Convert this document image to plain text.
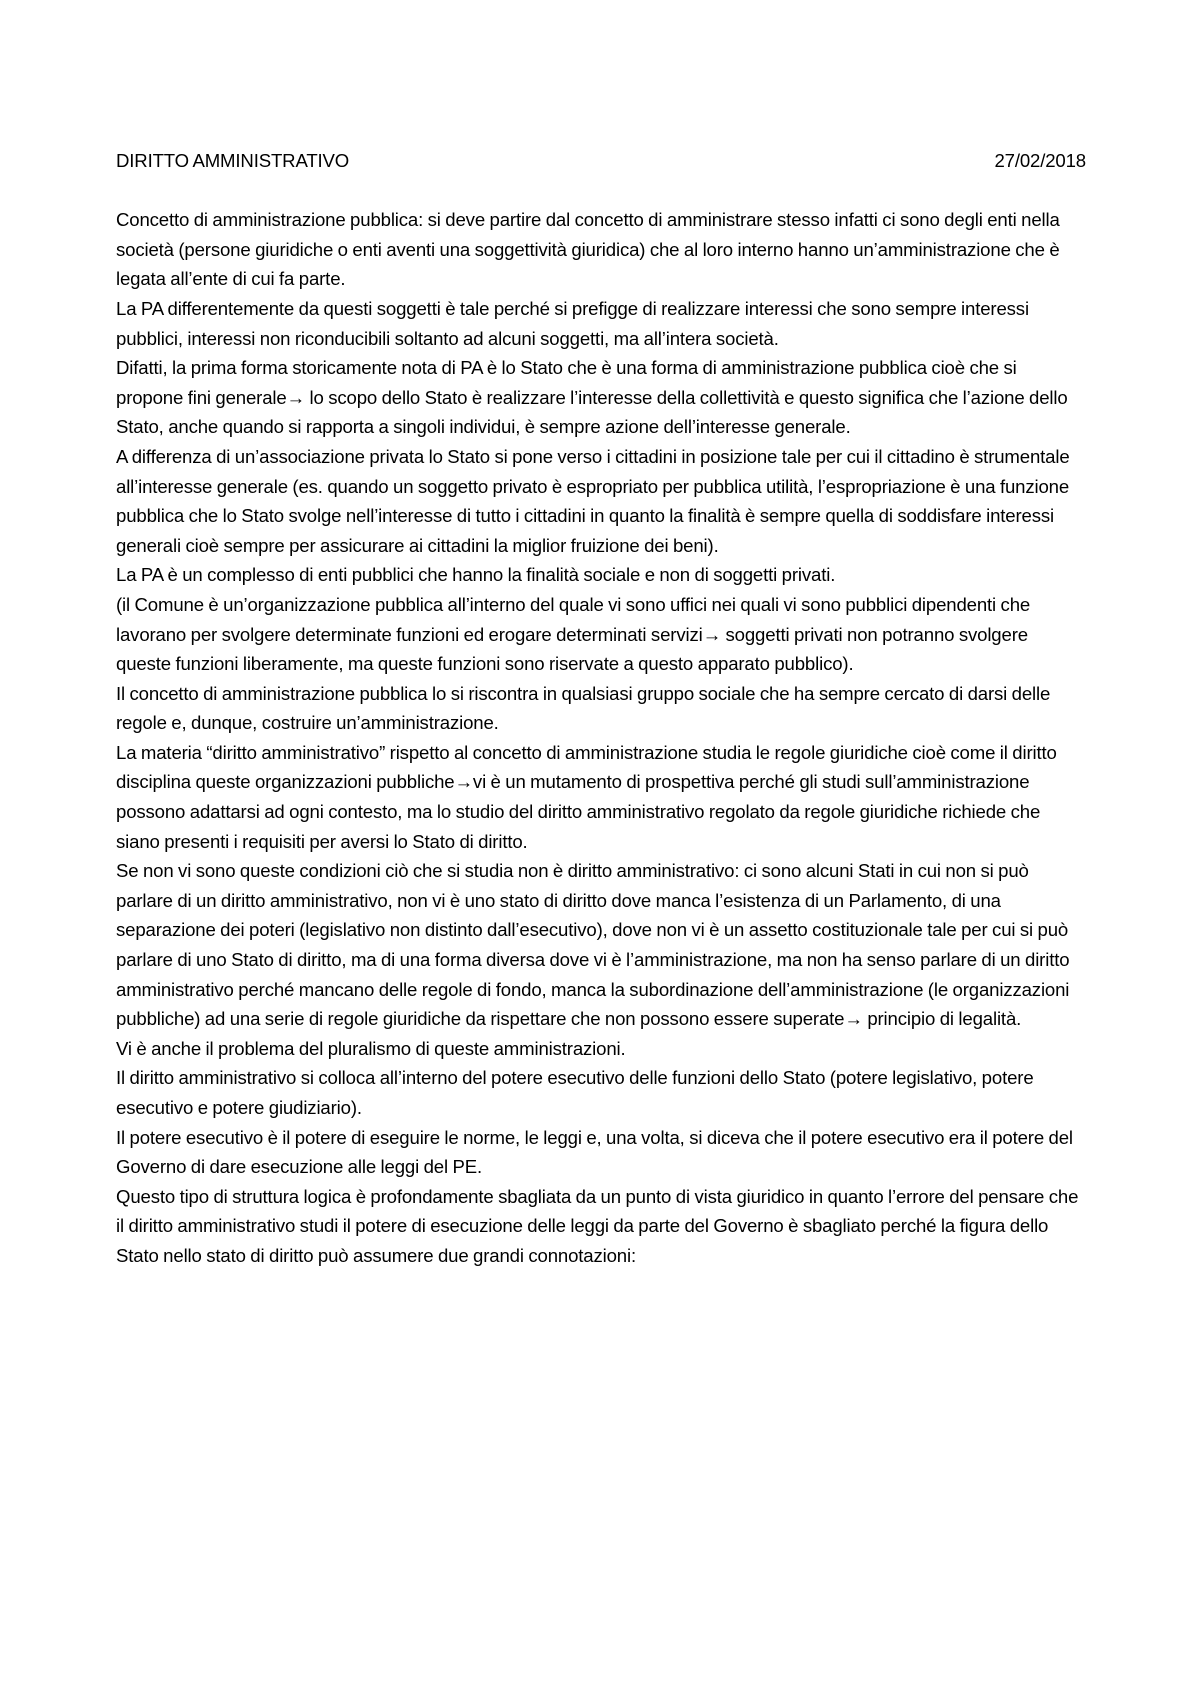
DIRITTO AMMINISTRATIVO	27/02/2018

Concetto di amministrazione pubblica: si deve partire dal concetto di amministrare stesso infatti ci sono degli enti nella società (persone giuridiche o enti aventi una soggettività giuridica) che al loro interno hanno un’amministrazione che è legata all’ente di cui fa parte.

La PA differentemente da questi soggetti è tale perché si prefigge di realizzare interessi che sono sempre interessi pubblici, interessi non riconducibili soltanto ad alcuni soggetti, ma all’intera società.

Difatti, la prima forma storicamente nota di PA è lo Stato che è una forma di amministrazione pubblica cioè che si propone fini generale→ lo scopo dello Stato è realizzare l’interesse della collettività e questo significa che l’azione dello Stato, anche quando si rapporta a singoli individui, è sempre azione dell’interesse generale.

A differenza di un’associazione privata lo Stato si pone verso i cittadini in posizione tale per cui il cittadino è strumentale all’interesse generale (es. quando un soggetto privato è espropriato per pubblica utilità, l’espropriazione è una funzione pubblica che lo Stato svolge nell’interesse di tutto i cittadini in quanto la finalità è sempre quella di soddisfare interessi generali cioè sempre per assicurare ai cittadini la miglior fruizione dei beni).

La PA è un complesso di enti pubblici che hanno la finalità sociale e non di soggetti privati.

(il Comune è un’organizzazione pubblica all’interno del quale vi sono uffici nei quali vi sono pubblici dipendenti che lavorano per svolgere determinate funzioni ed erogare determinati servizi→ soggetti privati non potranno svolgere queste funzioni liberamente, ma queste funzioni sono riservate a questo apparato pubblico).

Il concetto di amministrazione pubblica lo si riscontra in qualsiasi gruppo sociale che ha sempre cercato di darsi delle regole e, dunque, costruire un’amministrazione.

La materia “diritto amministrativo” rispetto al concetto di amministrazione studia le regole giuridiche cioè come il diritto disciplina queste organizzazioni pubbliche→vi è un mutamento di prospettiva perché gli studi sull’amministrazione possono adattarsi ad ogni contesto, ma lo studio del diritto amministrativo regolato da regole giuridiche richiede che siano presenti i requisiti per aversi lo Stato di diritto.

Se non vi sono queste condizioni ciò che si studia non è diritto amministrativo: ci sono alcuni Stati in cui non si può parlare di un diritto amministrativo, non vi è uno stato di diritto dove manca l’esistenza di un Parlamento, di una separazione dei poteri (legislativo non distinto dall’esecutivo), dove non vi è un assetto costituzionale tale per cui si può parlare di uno Stato di diritto, ma di una forma diversa dove vi è l’amministrazione, ma non ha senso parlare di un diritto amministrativo perché mancano delle regole di fondo, manca la subordinazione dell’amministrazione (le organizzazioni pubbliche) ad una serie di regole giuridiche da rispettare che non possono essere superate→ principio di legalità.

Vi è anche il problema del pluralismo di queste amministrazioni.

Il diritto amministrativo si colloca all’interno del potere esecutivo delle funzioni dello Stato (potere legislativo, potere esecutivo e potere giudiziario).

Il potere esecutivo è il potere di eseguire le norme, le leggi e, una volta, si diceva che il potere esecutivo era il potere del Governo di dare esecuzione alle leggi del PE.

Questo tipo di struttura logica è profondamente sbagliata da un punto di vista giuridico in quanto l’errore del pensare che il diritto amministrativo studi il potere di esecuzione delle leggi da parte del Governo è sbagliato perché la figura dello Stato nello stato di diritto può assumere due grandi connotazioni:
